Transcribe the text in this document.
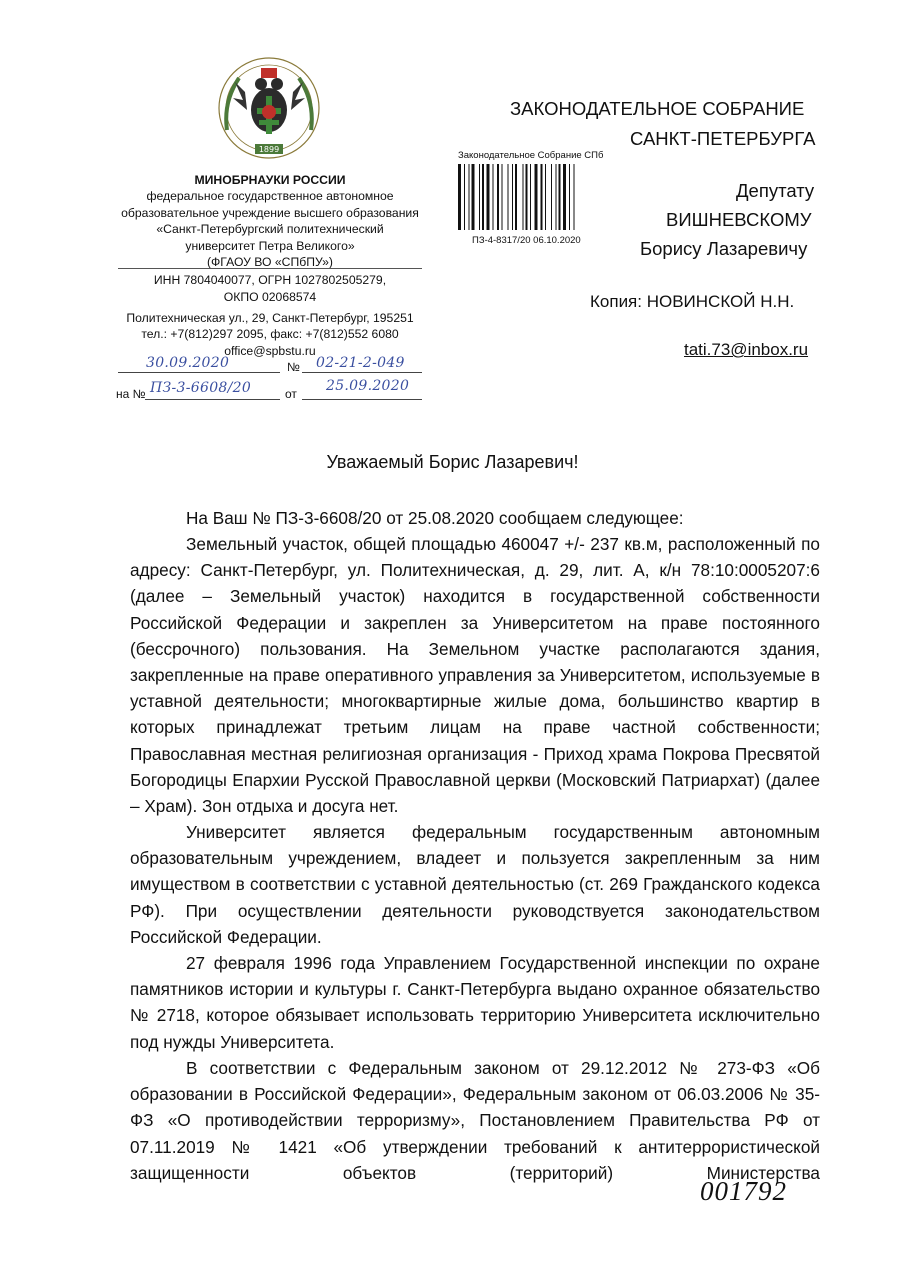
1899
МИНОБРНАУКИ РОССИИ
федеральное государственное автономное
образовательное учреждение высшего образования
«Санкт-Петербургский политехнический
университет Петра Великого»
(ФГАОУ ВО «СПбПУ»)
ИНН 7804040077, ОГРН 1027802505279,
ОКПО 02068574
Политехническая ул., 29, Санкт-Петербург, 195251
тел.: +7(812)297 2095, факс: +7(812)552 6080
office@spbstu.ru
30.09.2020	№ 02-21-2-049
на № ПЗ-3-6608/20	от 25.09.2020
ЗАКОНОДАТЕЛЬНОЕ СОБРАНИЕ
САНКТ-ПЕТЕРБУРГА
Депутату
ВИШНЕВСКОМУ
Борису Лазаревичу
Копия: НОВИНСКОЙ Н.Н.
tati.73@inbox.ru
Законодательное Собрание СПб
ПЗ-4-8317/20 06.10.2020
Уважаемый Борис Лазаревич!
На Ваш № ПЗ-3-6608/20 от 25.08.2020 сообщаем следующее:
Земельный участок, общей площадью 460047 +/- 237 кв.м, расположенный по адресу: Санкт-Петербург, ул. Политехническая, д. 29, лит. А, к/н 78:10:0005207:6 (далее – Земельный участок) находится в государственной собственности Российской Федерации и закреплен за Университетом на праве постоянного (бессрочного) пользования. На Земельном участке располагаются здания, закрепленные на праве оперативного управления за Университетом, используемые в уставной деятельности; многоквартирные жилые дома, большинство квартир в которых принадлежат третьим лицам на праве частной собственности; Православная местная религиозная организация - Приход храма Покрова Пресвятой Богородицы Епархии Русской Православной церкви (Московский Патриархат) (далее – Храм). Зон отдыха и досуга нет.
Университет является федеральным государственным автономным образовательным учреждением, владеет и пользуется закрепленным за ним имуществом в соответствии с уставной деятельностью (ст. 269 Гражданского кодекса РФ). При осуществлении деятельности руководствуется законодательством Российской Федерации.
27 февраля 1996 года Управлением Государственной инспекции по охране памятников истории и культуры г. Санкт-Петербурга выдано охранное обязательство № 2718, которое обязывает использовать территорию Университета исключительно под нужды Университета.
В соответствии с Федеральным законом от 29.12.2012 № 273-ФЗ «Об образовании в Российской Федерации», Федеральным законом от 06.03.2006 № 35-ФЗ «О противодействии терроризму», Постановлением Правительства РФ от 07.11.2019 № 1421 «Об утверждении требований к антитеррористической защищенности объектов (территорий) Министерства
001792
